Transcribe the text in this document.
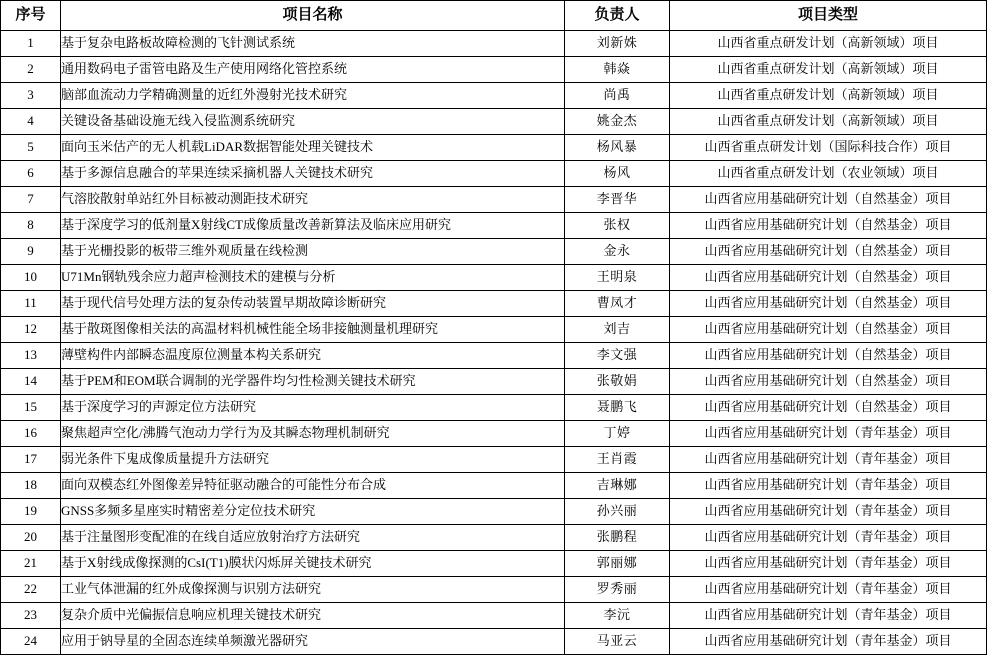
序号	项目名称	负责人	项目类型
1	基于复杂电路板故障检测的飞针测试系统	刘新姝	山西省重点研发计划（高新领域）项目
2	通用数码电子雷管电路及生产使用网络化管控系统	韩焱	山西省重点研发计划（高新领域）项目
3	脑部血流动力学精确测量的近红外漫射光技术研究	尚禹	山西省重点研发计划（高新领域）项目
4	关键设备基础设施无线入侵监测系统研究	姚金杰	山西省重点研发计划（高新领域）项目
5	面向玉米估产的无人机载LiDAR数据智能处理关键技术	杨风暴	山西省重点研发计划（国际科技合作）项目
6	基于多源信息融合的苹果连续采摘机器人关键技术研究	杨风	山西省重点研发计划（农业领域）项目
7	气溶胶散射单站红外目标被动测距技术研究	李晋华	山西省应用基础研究计划（自然基金）项目
8	基于深度学习的低剂量X射线CT成像质量改善新算法及临床应用研究	张权	山西省应用基础研究计划（自然基金）项目
9	基于光栅投影的板带三维外观质量在线检测	金永	山西省应用基础研究计划（自然基金）项目
10	U71Mn钢轨残余应力超声检测技术的建模与分析	王明泉	山西省应用基础研究计划（自然基金）项目
11	基于现代信号处理方法的复杂传动装置早期故障诊断研究	曹凤才	山西省应用基础研究计划（自然基金）项目
12	基于散斑图像相关法的高温材料机械性能全场非接触测量机理研究	刘吉	山西省应用基础研究计划（自然基金）项目
13	薄壁构件内部瞬态温度原位测量本构关系研究	李文强	山西省应用基础研究计划（自然基金）项目
14	基于PEM和EOM联合调制的光学器件均匀性检测关键技术研究	张敬娟	山西省应用基础研究计划（自然基金）项目
15	基于深度学习的声源定位方法研究	聂鹏飞	山西省应用基础研究计划（自然基金）项目
16	聚焦超声空化/沸腾气泡动力学行为及其瞬态物理机制研究	丁婷	山西省应用基础研究计划（青年基金）项目
17	弱光条件下鬼成像质量提升方法研究	王肖霞	山西省应用基础研究计划（青年基金）项目
18	面向双模态红外图像差异特征驱动融合的可能性分布合成	吉琳娜	山西省应用基础研究计划（青年基金）项目
19	GNSS多频多星座实时精密差分定位技术研究	孙兴丽	山西省应用基础研究计划（青年基金）项目
20	基于注量图形变配准的在线自适应放射治疗方法研究	张鹏程	山西省应用基础研究计划（青年基金）项目
21	基于X射线成像探测的CsI(T1)膜状闪烁屏关键技术研究	郭丽娜	山西省应用基础研究计划（青年基金）项目
22	工业气体泄漏的红外成像探测与识别方法研究	罗秀丽	山西省应用基础研究计划（青年基金）项目
23	复杂介质中光偏振信息响应机理关键技术研究	李沅	山西省应用基础研究计划（青年基金）项目
24	应用于钠导星的全固态连续单频激光器研究	马亚云	山西省应用基础研究计划（青年基金）项目
